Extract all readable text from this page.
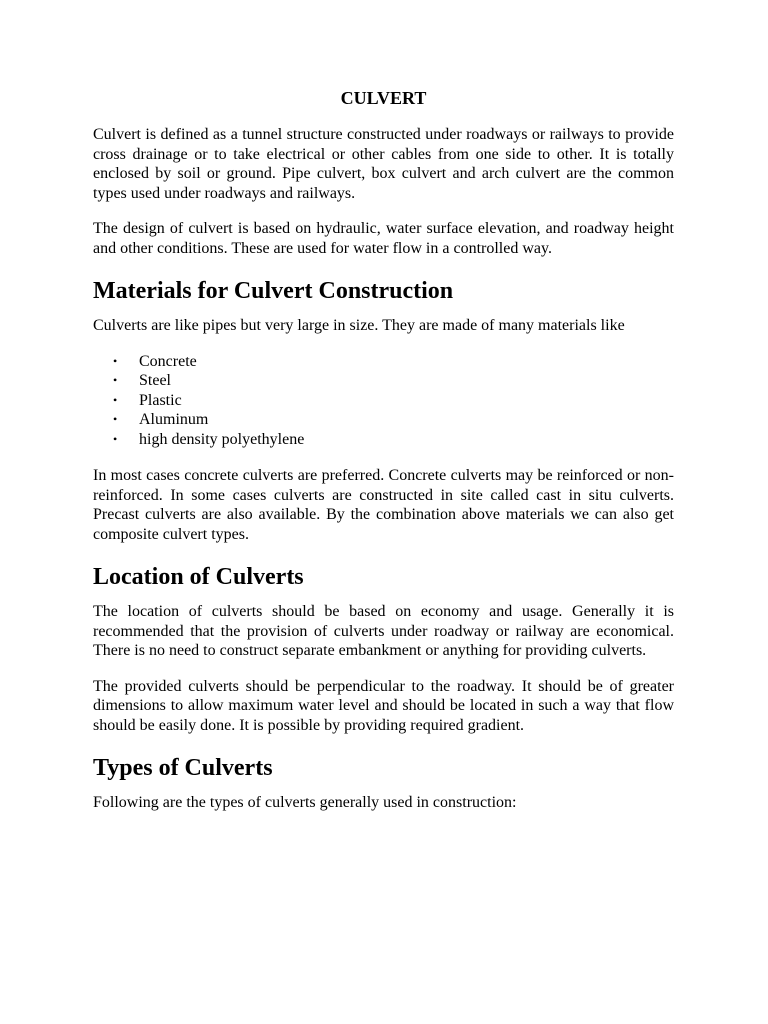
CULVERT

Culvert is defined as a tunnel structure constructed under roadways or railways to provide cross drainage or to take electrical or other cables from one side to other. It is totally enclosed by soil or ground. Pipe culvert, box culvert and arch culvert are the common types used under roadways and railways.

The design of culvert is based on hydraulic, water surface elevation, and roadway height and other conditions. These are used for water flow in a controlled way.

Materials for Culvert Construction

Culverts are like pipes but very large in size. They are made of many materials like

• Concrete
• Steel
• Plastic
• Aluminum
• high density polyethylene

In most cases concrete culverts are preferred. Concrete culverts may be reinforced or non-reinforced. In some cases culverts are constructed in site called cast in situ culverts. Precast culverts are also available. By the combination above materials we can also get composite culvert types.

Location of Culverts

The location of culverts should be based on economy and usage. Generally it is recommended that the provision of culverts under roadway or railway are economical. There is no need to construct separate embankment or anything for providing culverts.

The provided culverts should be perpendicular to the roadway. It should be of greater dimensions to allow maximum water level and should be located in such a way that flow should be easily done. It is possible by providing required gradient.

Types of Culverts

Following are the types of culverts generally used in construction:
